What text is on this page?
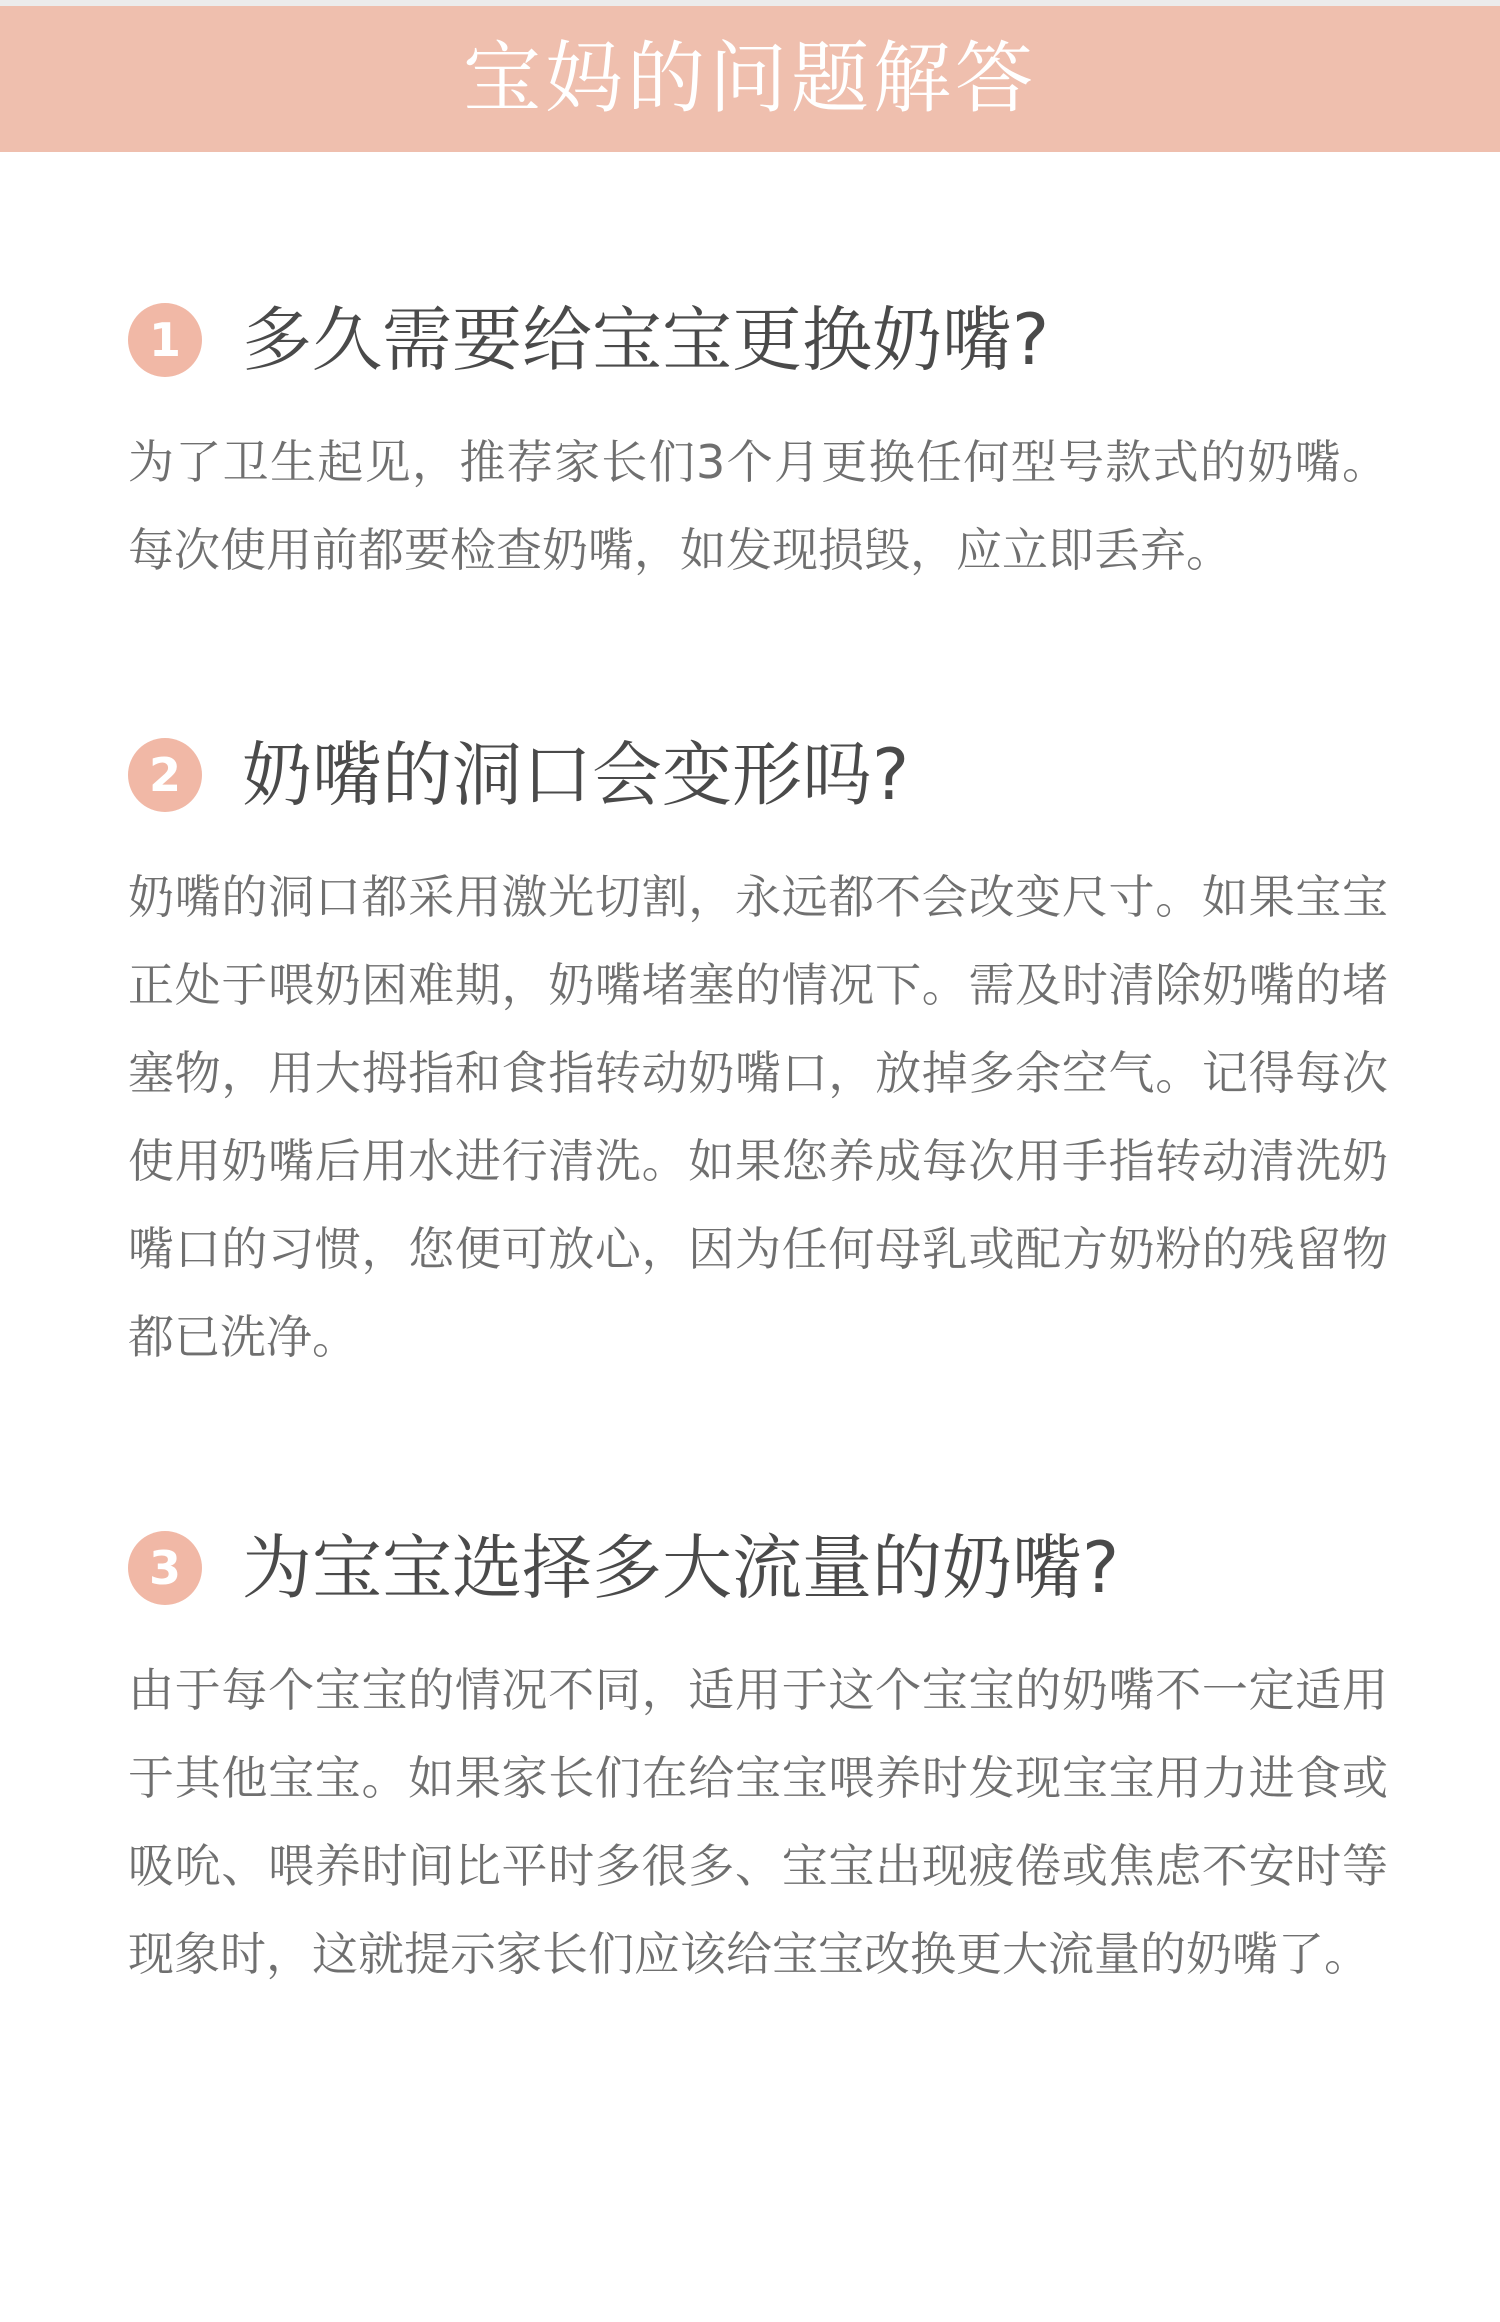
宝妈的问题解答
1 多久需要给宝宝更换奶嘴?

为了卫生起见，推荐家长们3个月更换任何型号款式的奶嘴。每次使用前都要检查奶嘴，如发现损毁，应立即丢弃。

2 奶嘴的洞口会变形吗?

奶嘴的洞口都采用激光切割，永远都不会改变尺寸。如果宝宝正处于喂奶困难期，奶嘴堵塞的情况下。需及时清除奶嘴的堵塞物，用大拇指和食指转动奶嘴口，放掉多余空气。记得每次使用奶嘴后用水进行清洗。如果您养成每次用手指转动清洗奶嘴口的习惯，您便可放心，因为任何母乳或配方奶粉的残留物都已洗净。

3 为宝宝选择多大流量的奶嘴?

由于每个宝宝的情况不同，适用于这个宝宝的奶嘴不一定适用于其他宝宝。如果家长们在给宝宝喂养时发现宝宝用力进食或吸吮、喂养时间比平时多很多、宝宝出现疲倦或焦虑不安时等现象时，这就提示家长们应该给宝宝改换更大流量的奶嘴了。
